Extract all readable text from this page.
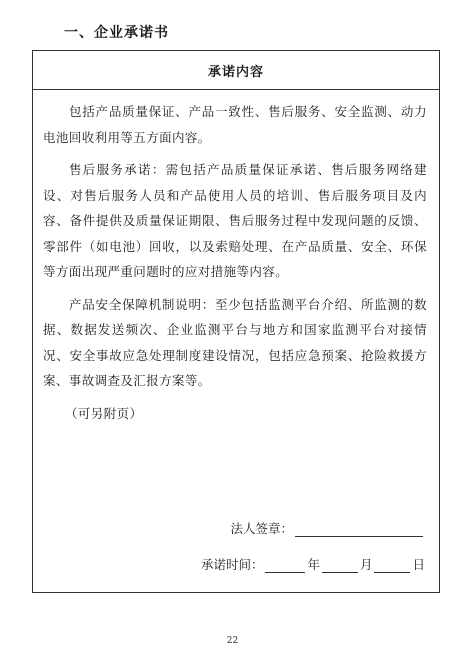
一、企业承诺书
承诺内容

包括产品质量保证、产品一致性、售后服务、安全监测、动力电池回收利用等五方面内容。

售后服务承诺：需包括产品质量保证承诺、售后服务网络建设、对售后服务人员和产品使用人员的培训、售后服务项目及内容、备件提供及质量保证期限、售后服务过程中发现问题的反馈、零部件（如电池）回收，以及索赔处理、在产品质量、安全、环保等方面出现严重问题时的应对措施等内容。

产品安全保障机制说明：至少包括监测平台介绍、所监测的数据、数据发送频次、企业监测平台与地方和国家监测平台对接情况、安全事故应急处理制度建设情况，包括应急预案、抢险救援方案、事故调查及汇报方案等。

（可另附页）
法人签章：
承诺时间：	年	月	日
22
